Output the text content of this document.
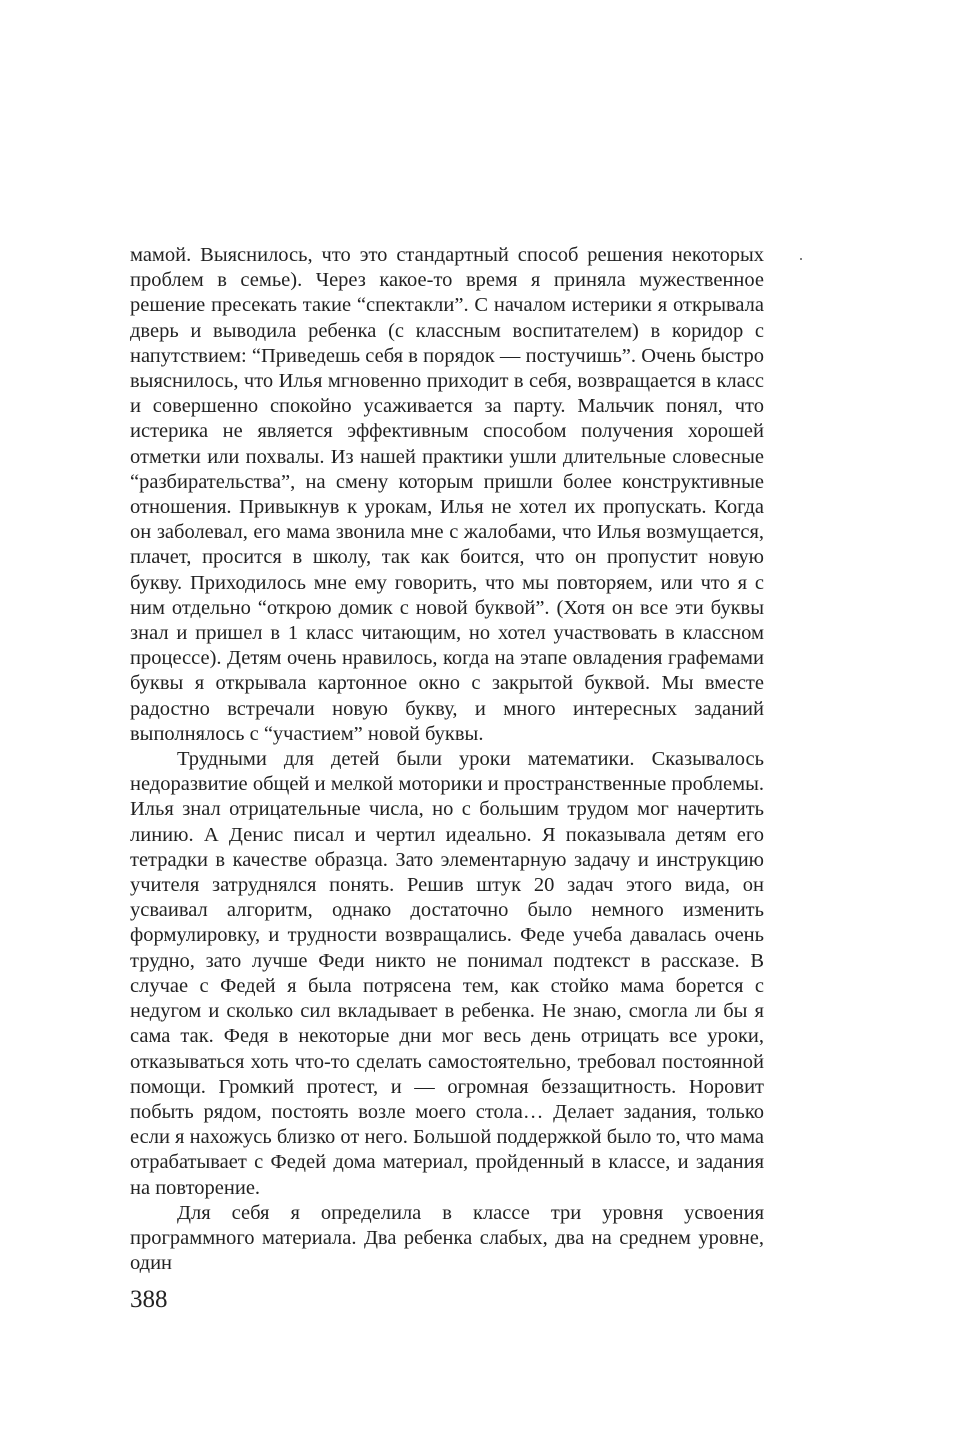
мамой. Выяснилось, что это стандартный способ решения некоторых проблем в семье). Через какое-то время я приняла мужественное решение пресекать такие “спектакли”. С началом истерики я открывала дверь и выводила ребенка (с классным воспитателем) в коридор с напутствием: “Приведешь себя в порядок — постучишь”. Очень быстро выяснилось, что Илья мгновенно приходит в себя, возвращается в класс и совершенно спокойно усаживается за парту. Мальчик понял, что истерика не является эффективным способом получения хорошей отметки или похвалы. Из нашей практики ушли длительные словесные “разбирательства”, на смену которым пришли более конструктивные отношения. Привыкнув к урокам, Илья не хотел их пропускать. Когда он заболевал, его мама звонила мне с жалобами, что Илья возмущается, плачет, просится в школу, так как боится, что он пропустит новую букву. Приходилось мне ему говорить, что мы повторяем, или что я с ним отдельно “открою домик с новой буквой”. (Хотя он все эти буквы знал и пришел в 1 класс читающим, но хотел участвовать в классном процессе). Детям очень нравилось, когда на этапе овладения графемами буквы я открывала картонное окно с закрытой буквой. Мы вместе радостно встречали новую букву, и много интересных заданий выполнялось с “участием” новой буквы.

Трудными для детей были уроки математики. Сказывалось недоразвитие общей и мелкой моторики и пространственные проблемы. Илья знал отрицательные числа, но с большим трудом мог начертить линию. А Денис писал и чертил идеально. Я показывала детям его тетрадки в качестве образца. Зато элементарную задачу и инструкцию учителя затруднялся понять. Решив штук 20 задач этого вида, он усваивал алгоритм, однако достаточно было немного изменить формулировку, и трудности возвращались. Феде учеба давалась очень трудно, зато лучше Феди никто не понимал подтекст в рассказе. В случае с Федей я была потрясена тем, как стойко мама борется с недугом и сколько сил вкладывает в ребенка. Не знаю, смогла ли бы я сама так. Федя в некоторые дни мог весь день отрицать все уроки, отказываться хоть что-то сделать самостоятельно, требовал постоянной помощи. Громкий протест, и — огромная беззащитность. Норовит побыть рядом, постоять возле моего стола… Делает задания, только если я нахожусь близко от него. Большой поддержкой было то, что мама отрабатывает с Федей дома материал, пройденный в классе, и задания на повторение.

Для себя я определила в классе три уровня усвоения программного материала. Два ребенка слабых, два на среднем уровне, один

388
